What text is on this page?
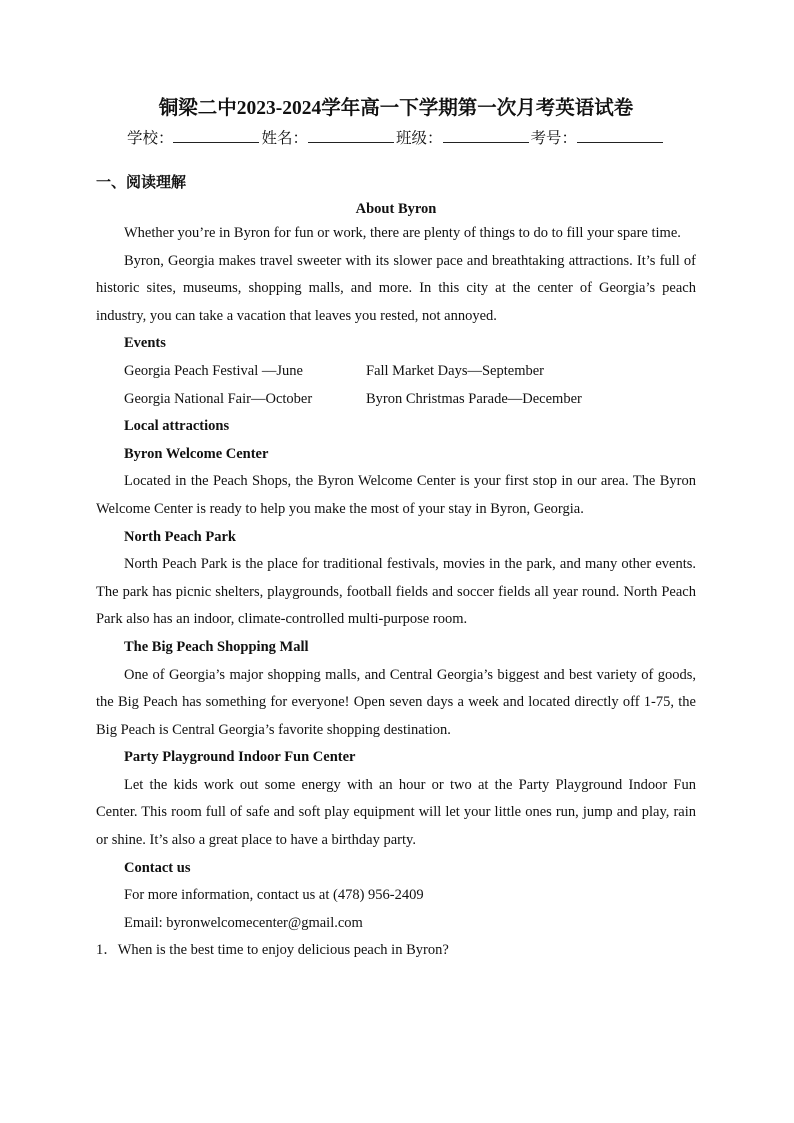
铜梁二中2023-2024学年高一下学期第一次月考英语试卷
学校：	姓名：	班级：	考号：
一、阅读理解
About Byron

Whether you’re in Byron for fun or work, there are plenty of things to do to fill your spare time.

Byron, Georgia makes travel sweeter with its slower pace and breathtaking attractions. It’s full of historic sites, museums, shopping malls, and more. In this city at the center of Georgia’s peach industry, you can take a vacation that leaves you rested, not annoyed.

Events
Georgia Peach Festival —June	Fall Market Days—September
Georgia National Fair—October	Byron Christmas Parade—December
Local attractions
Byron Welcome Center

Located in the Peach Shops, the Byron Welcome Center is your first stop in our area. The Byron Welcome Center is ready to help you make the most of your stay in Byron, Georgia.

North Peach Park

North Peach Park is the place for traditional festivals, movies in the park, and many other events. The park has picnic shelters, playgrounds, football fields and soccer fields all year round. North Peach Park also has an indoor, climate-controlled multi-purpose room.

The Big Peach Shopping Mall

One of Georgia’s major shopping malls, and Central Georgia’s biggest and best variety of goods, the Big Peach has something for everyone! Open seven days a week and located directly off 1-75, the Big Peach is Central Georgia’s favorite shopping destination.

Party Playground Indoor Fun Center

Let the kids work out some energy with an hour or two at the Party Playground Indoor Fun Center. This room full of safe and soft play equipment will let your little ones run, jump and play, rain or shine. It’s also a great place to have a birthday party.

Contact us
For more information, contact us at (478) 956-2409
Email: byronwelcomecenter@gmail.com
1．When is the best time to enjoy delicious peach in Byron?
